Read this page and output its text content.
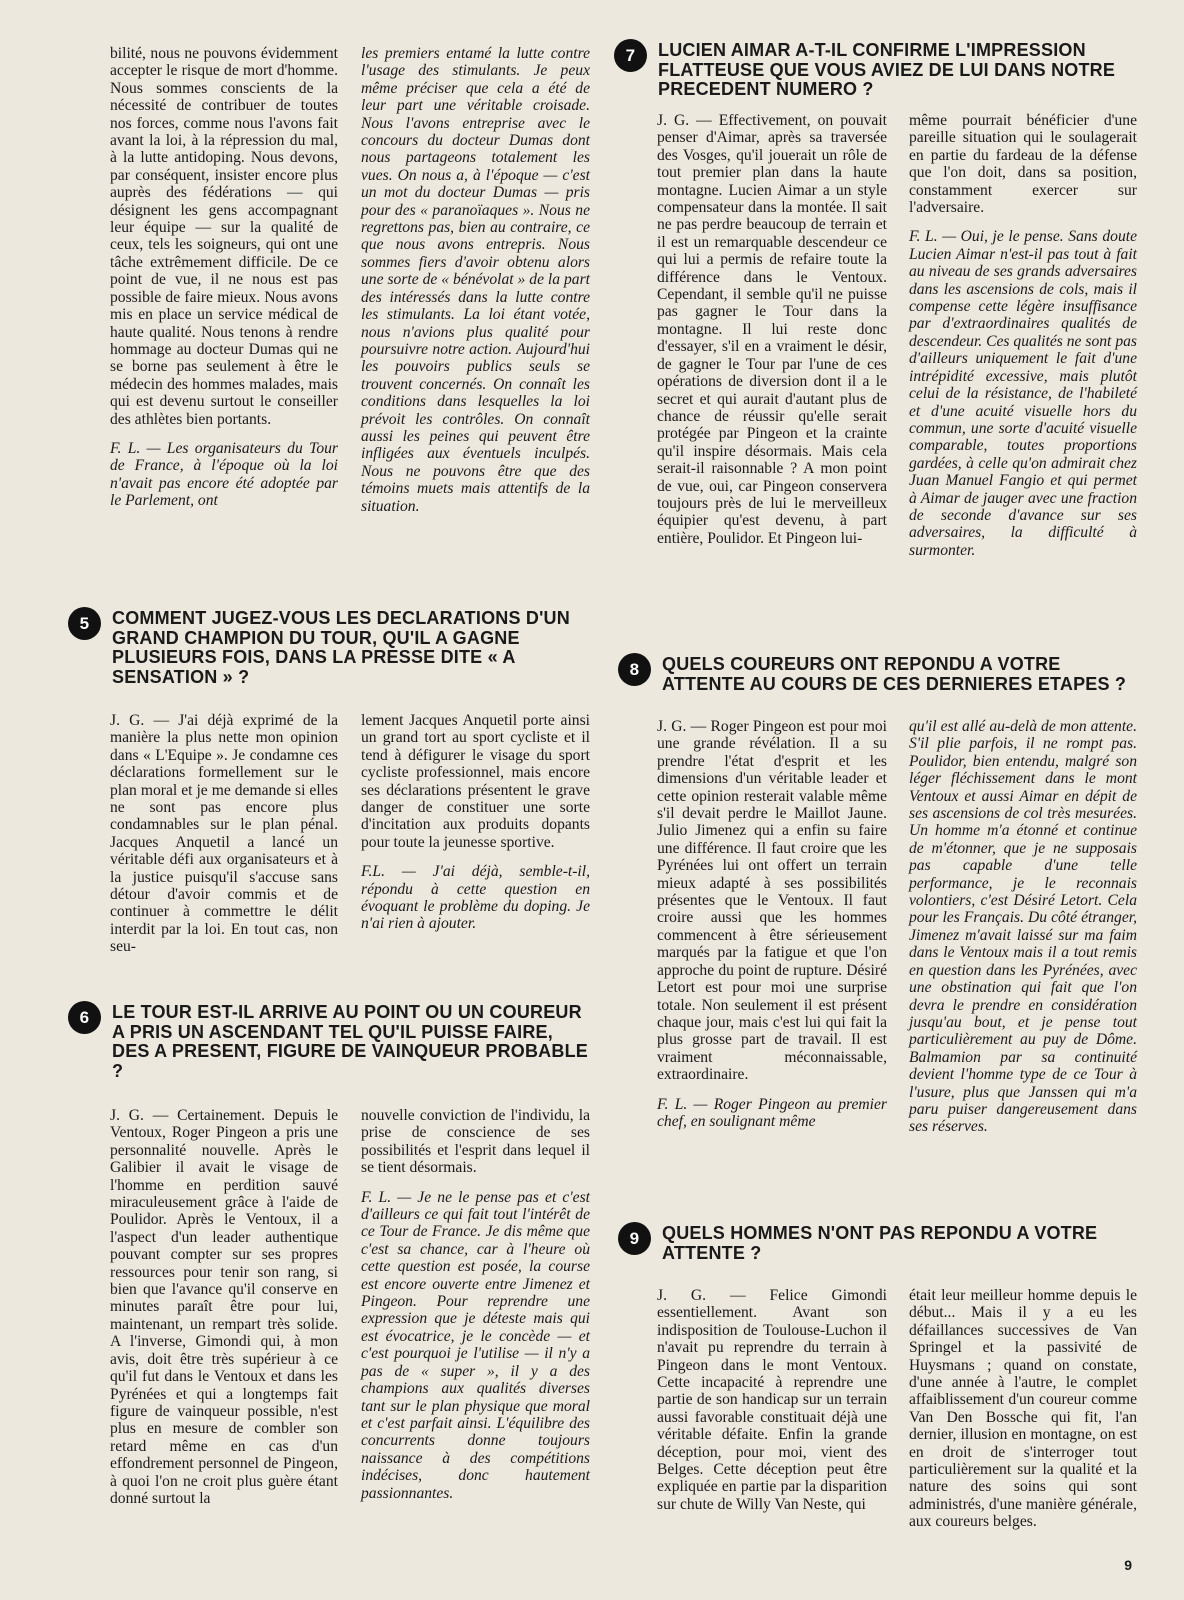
bilité, nous ne pouvons évidemment accepter le risque de mort d'homme. Nous sommes conscients de la nécessité de contribuer de toutes nos forces, comme nous l'avons fait avant la loi, à la répression du mal, à la lutte antidoping. Nous devons, par conséquent, insister encore plus auprès des fédérations — qui désignent les gens accompagnant leur équipe — sur la qualité de ceux, tels les soigneurs, qui ont une tâche extrêmement difficile. De ce point de vue, il ne nous est pas possible de faire mieux. Nous avons mis en place un service médical de haute qualité. Nous tenons à rendre hommage au docteur Dumas qui ne se borne pas seulement à être le médecin des hommes malades, mais qui est devenu surtout le conseiller des athlètes bien portants.

F. L. — Les organisateurs du Tour de France, à l'époque où la loi n'avait pas encore été adoptée par le Parlement, ont

les premiers entamé la lutte contre l'usage des stimulants. Je peux même préciser que cela a été de leur part une véritable croisade. Nous l'avons entreprise avec le concours du docteur Dumas dont nous partageons totalement les vues. On nous a, à l'époque — c'est un mot du docteur Dumas — pris pour des « paranoïaques ». Nous ne regrettons pas, bien au contraire, ce que nous avons entrepris. Nous sommes fiers d'avoir obtenu alors une sorte de « bénévolat » de la part des intéressés dans la lutte contre les stimulants. La loi étant votée, nous n'avions plus qualité pour poursuivre notre action. Aujourd'hui les pouvoirs publics seuls se trouvent concernés. On connaît les conditions dans lesquelles la loi prévoit les contrôles. On connaît aussi les peines qui peuvent être infligées aux éventuels inculpés. Nous ne pouvons être que des témoins muets mais attentifs de la situation.

5	COMMENT JUGEZ-VOUS LES DECLARATIONS D'UN GRAND CHAMPION DU TOUR, QU'IL A GAGNE PLUSIEURS FOIS, DANS LA PRESSE DITE « A SENSATION » ?

J. G. — J'ai déjà exprimé de la manière la plus nette mon opinion dans « L'Equipe ». Je condamne ces déclarations formellement sur le plan moral et je me demande si elles ne sont pas encore plus condamnables sur le plan pénal. Jacques Anquetil a lancé un véritable défi aux organisateurs et à la justice puisqu'il s'accuse sans détour d'avoir commis et de continuer à commettre le délit interdit par la loi. En tout cas, non seu-

lement Jacques Anquetil porte ainsi un grand tort au sport cycliste et il tend à défigurer le visage du sport cycliste professionnel, mais encore ses déclarations présentent le grave danger de constituer une sorte d'incitation aux produits dopants pour toute la jeunesse sportive.

F.L. — J'ai déjà, semble-t-il, répondu à cette question en évoquant le problème du doping. Je n'ai rien à ajouter.

6	LE TOUR EST-IL ARRIVE AU POINT OU UN COUREUR A PRIS UN ASCENDANT TEL QU'IL PUISSE FAIRE, DES A PRESENT, FIGURE DE VAINQUEUR PROBABLE ?

J. G. — Certainement. Depuis le Ventoux, Roger Pingeon a pris une personnalité nouvelle. Après le Galibier il avait le visage de l'homme en perdition sauvé miraculeusement grâce à l'aide de Poulidor. Après le Ventoux, il a l'aspect d'un leader authentique pouvant compter sur ses propres ressources pour tenir son rang, si bien que l'avance qu'il conserve en minutes paraît être pour lui, maintenant, un rempart très solide. A l'inverse, Gimondi qui, à mon avis, doit être très supérieur à ce qu'il fut dans le Ventoux et dans les Pyrénées et qui a longtemps fait figure de vainqueur possible, n'est plus en mesure de combler son retard même en cas d'un effondrement personnel de Pingeon, à quoi l'on ne croit plus guère étant donné surtout la

nouvelle conviction de l'individu, la prise de conscience de ses possibilités et l'esprit dans lequel il se tient désormais.

F. L. — Je ne le pense pas et c'est d'ailleurs ce qui fait tout l'intérêt de ce Tour de France. Je dis même que c'est sa chance, car à l'heure où cette question est posée, la course est encore ouverte entre Jimenez et Pingeon. Pour reprendre une expression que je déteste mais qui est évocatrice, je le concède — et c'est pourquoi je l'utilise — il n'y a pas de « super », il y a des champions aux qualités diverses tant sur le plan physique que moral et c'est parfait ainsi. L'équilibre des concurrents donne toujours naissance à des compétitions indécises, donc hautement passionnantes.

7	LUCIEN AIMAR A-T-IL CONFIRME L'IMPRESSION FLATTEUSE QUE VOUS AVIEZ DE LUI DANS NOTRE PRECEDENT NUMERO ?

J. G. — Effectivement, on pouvait penser d'Aimar, après sa traversée des Vosges, qu'il jouerait un rôle de tout premier plan dans la haute montagne. Lucien Aimar a un style compensateur dans la montée. Il sait ne pas perdre beaucoup de terrain et il est un remarquable descendeur ce qui lui a permis de refaire toute la différence dans le Ventoux. Cependant, il semble qu'il ne puisse pas gagner le Tour dans la montagne. Il lui reste donc d'essayer, s'il en a vraiment le désir, de gagner le Tour par l'une de ces opérations de diversion dont il a le secret et qui aurait d'autant plus de chance de réussir qu'elle serait protégée par Pingeon et la crainte qu'il inspire désormais. Mais cela serait-il raisonnable ? A mon point de vue, oui, car Pingeon conservera toujours près de lui le merveilleux équipier qu'est devenu, à part entière, Poulidor. Et Pingeon lui-

même pourrait bénéficier d'une pareille situation qui le soulagerait en partie du fardeau de la défense que l'on doit, dans sa position, constamment exercer sur l'adversaire.

F. L. — Oui, je le pense. Sans doute Lucien Aimar n'est-il pas tout à fait au niveau de ses grands adversaires dans les ascensions de cols, mais il compense cette légère insuffisance par d'extraordinaires qualités de descendeur. Ces qualités ne sont pas d'ailleurs uniquement le fait d'une intrépidité excessive, mais plutôt celui de la résistance, de l'habileté et d'une acuité visuelle hors du commun, une sorte d'acuité visuelle comparable, toutes proportions gardées, à celle qu'on admirait chez Juan Manuel Fangio et qui permet à Aimar de jauger avec une fraction de seconde d'avance sur ses adversaires, la difficulté à surmonter.

8	QUELS COUREURS ONT REPONDU A VOTRE ATTENTE AU COURS DE CES DERNIERES ETAPES ?

J. G. — Roger Pingeon est pour moi une grande révélation. Il a su prendre l'état d'esprit et les dimensions d'un véritable leader et cette opinion resterait valable même s'il devait perdre le Maillot Jaune. Julio Jimenez qui a enfin su faire une différence. Il faut croire que les Pyrénées lui ont offert un terrain mieux adapté à ses possibilités présentes que le Ventoux. Il faut croire aussi que les hommes commencent à être sérieusement marqués par la fatigue et que l'on approche du point de rupture. Désiré Letort est pour moi une surprise totale. Non seulement il est présent chaque jour, mais c'est lui qui fait la plus grosse part de travail. Il est vraiment méconnaissable, extraordinaire.

F. L. — Roger Pingeon au premier chef, en soulignant même

qu'il est allé au-delà de mon attente. S'il plie parfois, il ne rompt pas. Poulidor, bien entendu, malgré son léger fléchissement dans le mont Ventoux et aussi Aimar en dépit de ses ascensions de col très mesurées. Un homme m'a étonné et continue de m'étonner, que je ne supposais pas capable d'une telle performance, je le reconnais volontiers, c'est Désiré Letort. Cela pour les Français. Du côté étranger, Jimenez m'avait laissé sur ma faim dans le Ventoux mais il a tout remis en question dans les Pyrénées, avec une obstination qui fait que l'on devra le prendre en considération jusqu'au bout, et je pense tout particulièrement au puy de Dôme. Balmamion par sa continuité devient l'homme type de ce Tour à l'usure, plus que Janssen qui m'a paru puiser dangereusement dans ses réserves.

9	QUELS HOMMES N'ONT PAS REPONDU A VOTRE ATTENTE ?

J. G. — Felice Gimondi essentiellement. Avant son indisposition de Toulouse-Luchon il n'avait pu reprendre du terrain à Pingeon dans le mont Ventoux. Cette incapacité à reprendre une partie de son handicap sur un terrain aussi favorable constituait déjà une véritable défaite. Enfin la grande déception, pour moi, vient des Belges. Cette déception peut être expliquée en partie par la disparition sur chute de Willy Van Neste, qui

était leur meilleur homme depuis le début... Mais il y a eu les défaillances successives de Van Springel et la passivité de Huysmans ; quand on constate, d'une année à l'autre, le complet affaiblissement d'un coureur comme Van Den Bossche qui fit, l'an dernier, illusion en montagne, on est en droit de s'interroger tout particulièrement sur la qualité et la nature des soins qui sont administrés, d'une manière générale, aux coureurs belges.

9
